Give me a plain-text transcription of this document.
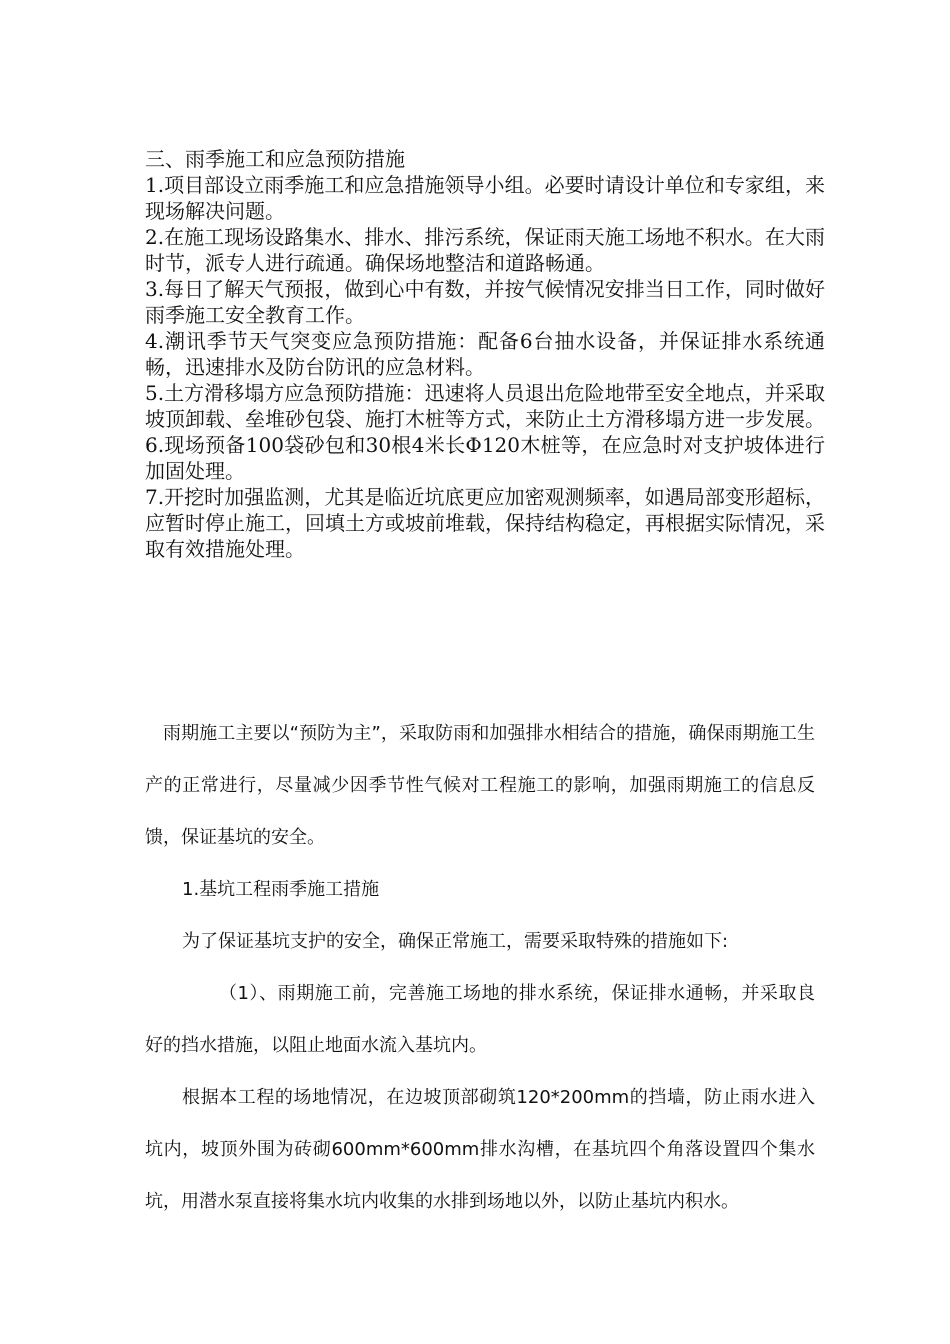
三、雨季施工和应急预防措施

1.项目部设立雨季施工和应急措施领导小组。必要时请设计单位和专家组，来现场解决问题。

2.在施工现场设路集水、排水、排污系统，保证雨天施工场地不积水。在大雨时节，派专人进行疏通。确保场地整洁和道路畅通。

3.每日了解天气预报，做到心中有数，并按气候情况安排当日工作，同时做好雨季施工安全教育工作。

4.潮讯季节天气突变应急预防措施：配备6台抽水设备，并保证排水系统通畅，迅速排水及防台防讯的应急材料。

5.土方滑移塌方应急预防措施：迅速将人员退出危险地带至安全地点，并采取坡顶卸载、垒堆砂包袋、施打木桩等方式，来防止土方滑移塌方进一步发展。

6.现场预备100袋砂包和30根4米长Φ120木桩等，在应急时对支护坡体进行加固处理。

7.开挖时加强监测，尤其是临近坑底更应加密观测频率，如遇局部变形超标，应暂时停止施工，回填土方或坡前堆载，保持结构稳定，再根据实际情况，采取有效措施处理。

雨期施工主要以“预防为主”，采取防雨和加强排水相结合的措施，确保雨期施工生产的正常进行，尽量减少因季节性气候对工程施工的影响，加强雨期施工的信息反馈，保证基坑的安全。

1.基坑工程雨季施工措施

为了保证基坑支护的安全，确保正常施工，需要采取特殊的措施如下:

（1）、雨期施工前，完善施工场地的排水系统，保证排水通畅，并采取良好的挡水措施，以阻止地面水流入基坑内。

根据本工程的场地情况，在边坡顶部砌筑120*200mm的挡墙，防止雨水进入坑内，坡顶外围为砖砌600mm*600mm排水沟槽，在基坑四个角落设置四个集水坑，用潜水泵直接将集水坑内收集的水排到场地以外，以防止基坑内积水。
